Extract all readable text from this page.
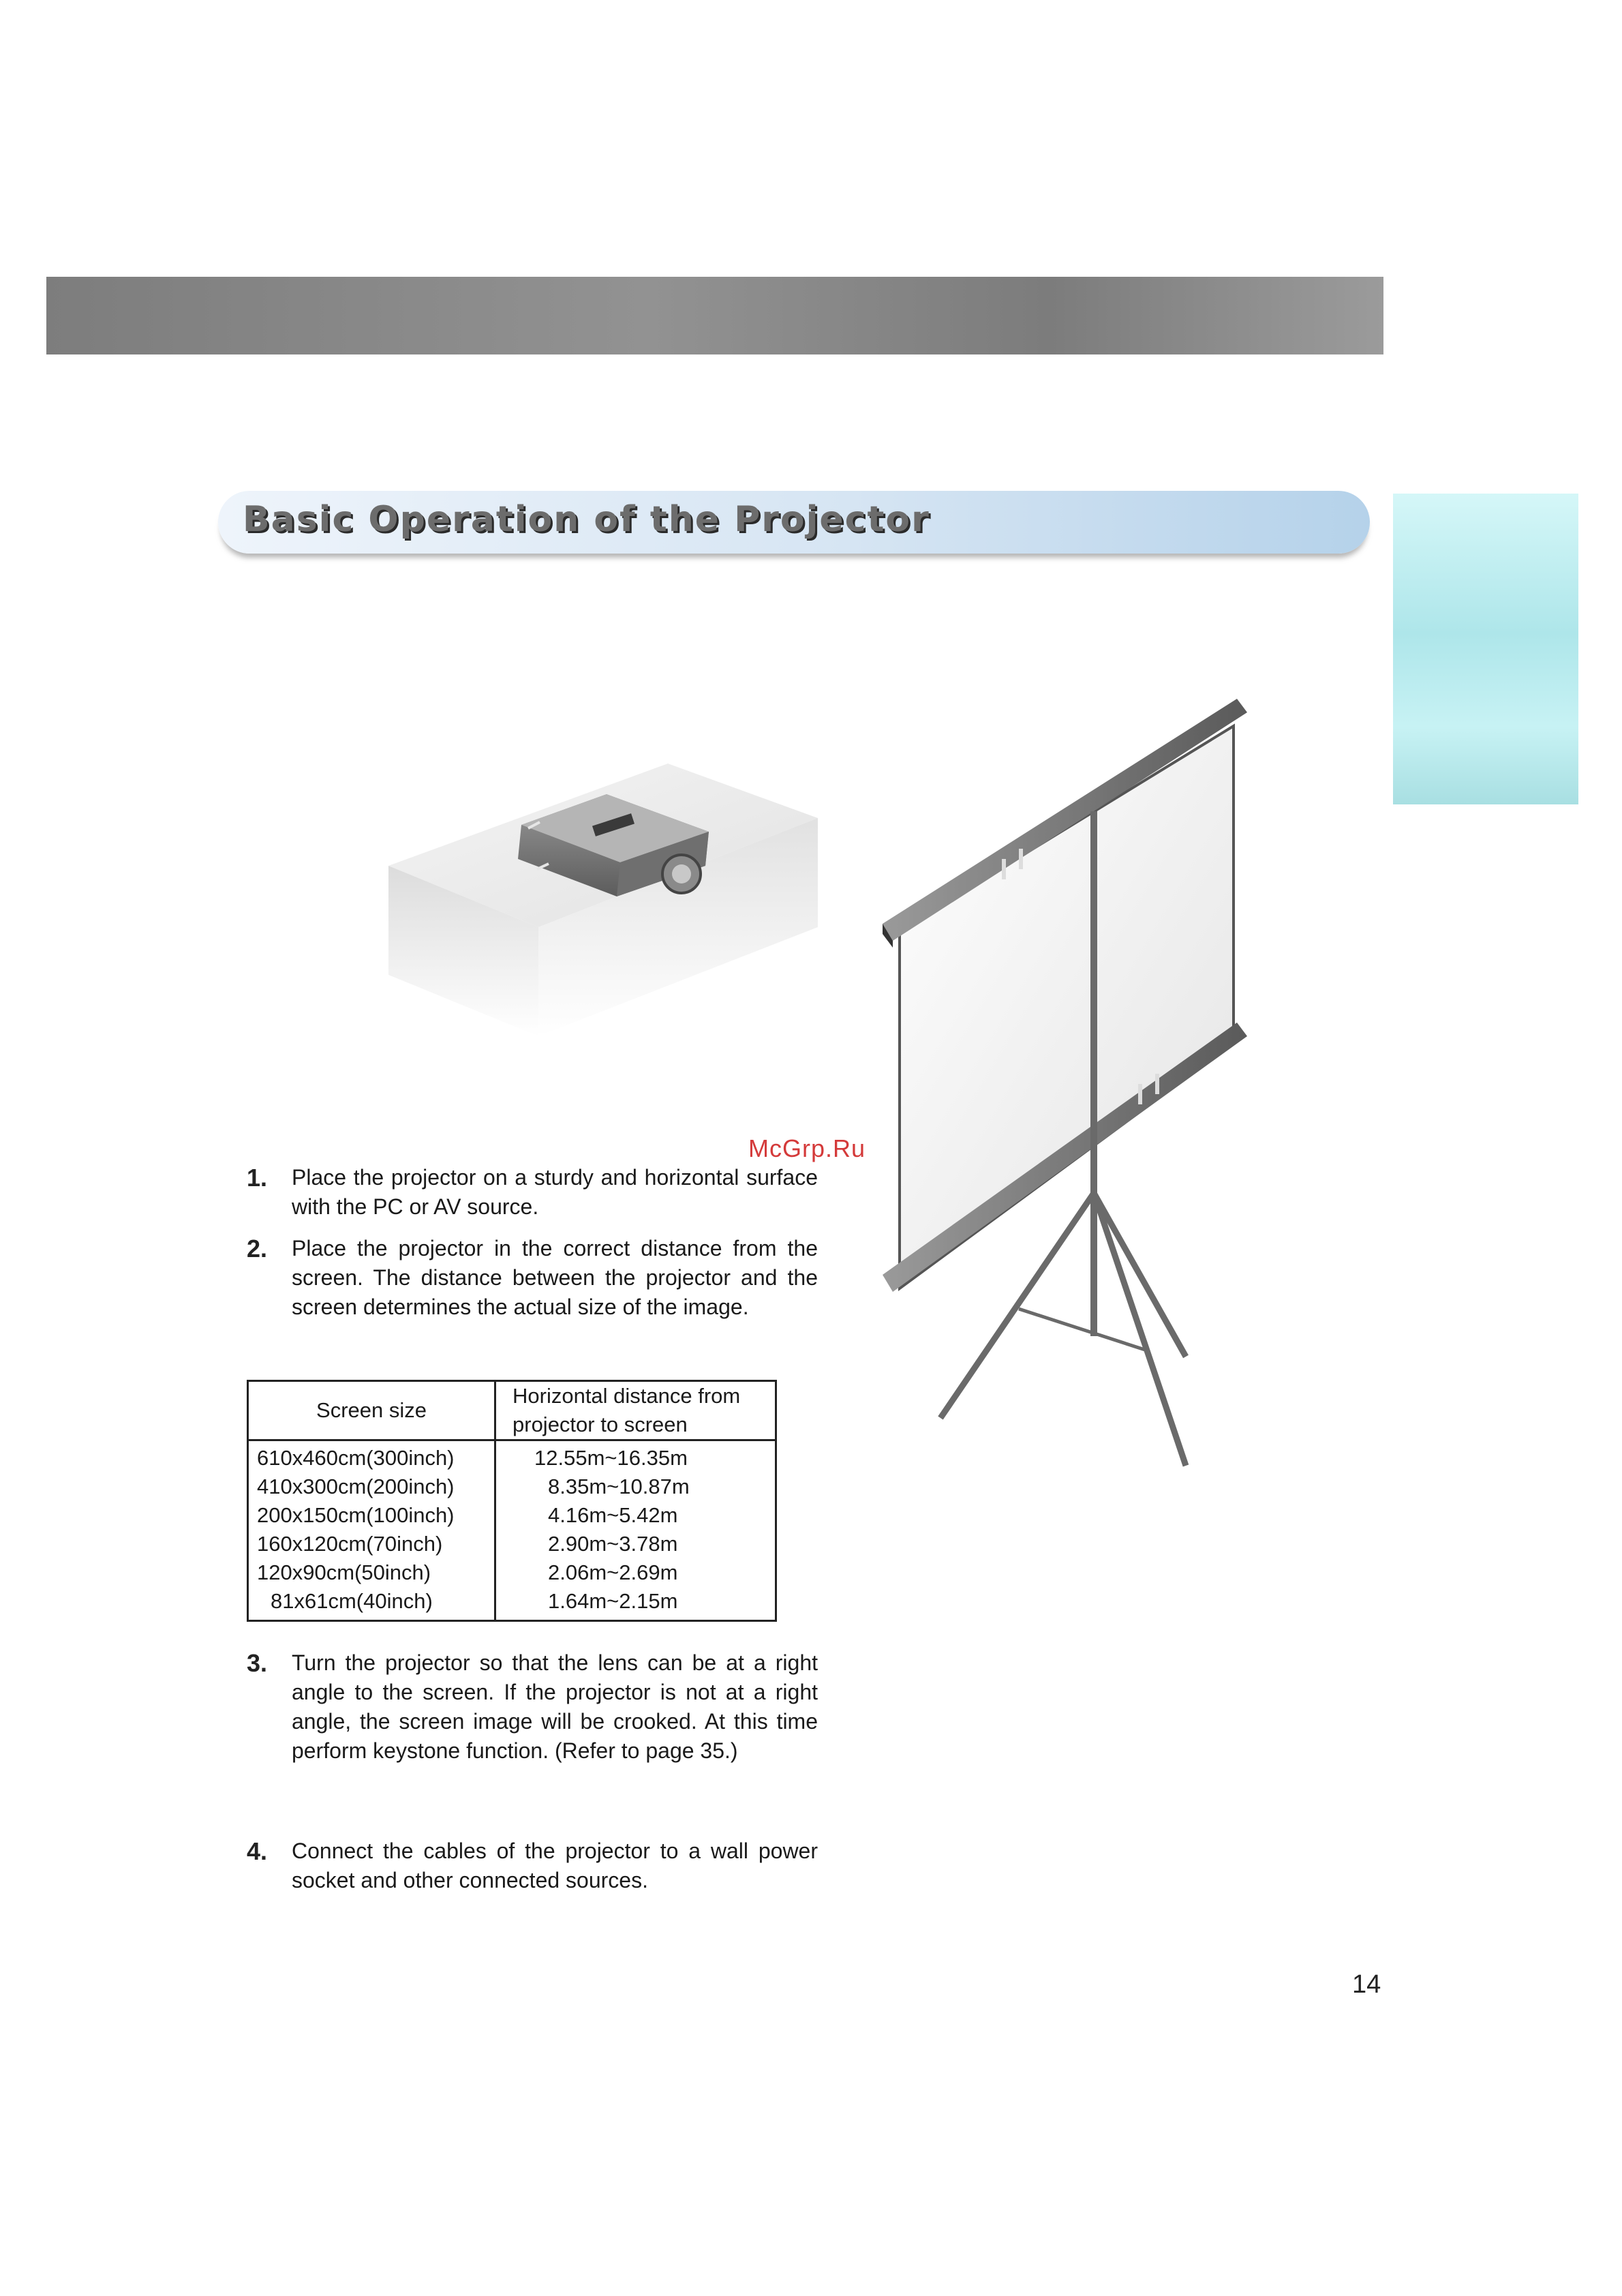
Basic Operation of the Projector
McGrp.Ru
1. Place the projector on a sturdy and horizontal surface with the PC or AV source.
2. Place the projector in the correct distance from the screen. The distance between the projector and the screen determines the actual size of the image.
Screen size	Horizontal distance from projector to screen
610x460cm(300inch)	12.55m~16.35m
410x300cm(200inch)	8.35m~10.87m
200x150cm(100inch)	4.16m~5.42m
160x120cm(70inch)	2.90m~3.78m
120x90cm(50inch)	2.06m~2.69m
81x61cm(40inch)	1.64m~2.15m
3. Turn the projector so that the lens can be at a right angle to the screen. If the projector is not at a right angle, the screen image will be crooked. At this time perform keystone function. (Refer to page 35.)
4. Connect the cables of the projector to a wall power socket and other connected sources.
14
